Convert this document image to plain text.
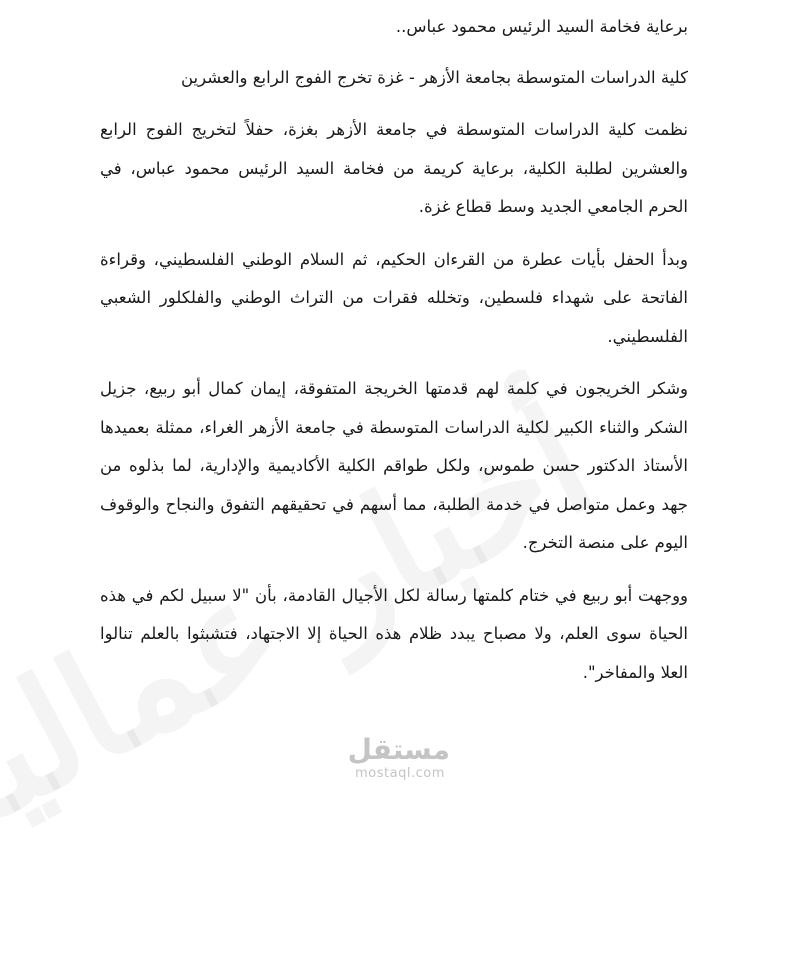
برعاية فخامة السيد الرئيس محمود عباس..

كلية الدراسات المتوسطة بجامعة الأزهر - غزة تخرج الفوج الرابع والعشرين

نظمت كلية الدراسات المتوسطة في جامعة الأزهر بغزة، حفلاً لتخريج الفوج الرابع والعشرين لطلبة الكلية، برعاية كريمة من فخامة السيد الرئيس محمود عباس، في الحرم الجامعي الجديد وسط قطاع غزة.

وبدأ الحفل بأيات عطرة من القرءان الحكيم، ثم السلام الوطني الفلسطيني، وقراءة الفاتحة على شهداء فلسطين، وتخلله فقرات من التراث الوطني والفلكلور الشعبي الفلسطيني.

وشكر الخريجون في كلمة لهم قدمتها الخريجة المتفوقة، إيمان كمال أبو ربيع، جزيل الشكر والثناء الكبير لكلية الدراسات المتوسطة في جامعة الأزهر الغراء، ممثلة بعميدها الأستاذ الدكتور حسن طموس، ولكل طواقم الكلية الأكاديمية والإدارية، لما بذلوه من جهد وعمل متواصل في خدمة الطلبة، مما أسهم في تحقيقهم التفوق والنجاح والوقوف اليوم على منصة التخرج.

ووجهت أبو ربيع في ختام كلمتها رسالة لكل الأجيال القادمة، بأن "لا سبيل لكم في هذه الحياة سوى العلم، ولا مصباح يبدد ظلام هذه الحياة إلا الاجتهاد، فتشبثوا بالعلم تنالوا العلا والمفاخر".

مستقل
mostaql.com
